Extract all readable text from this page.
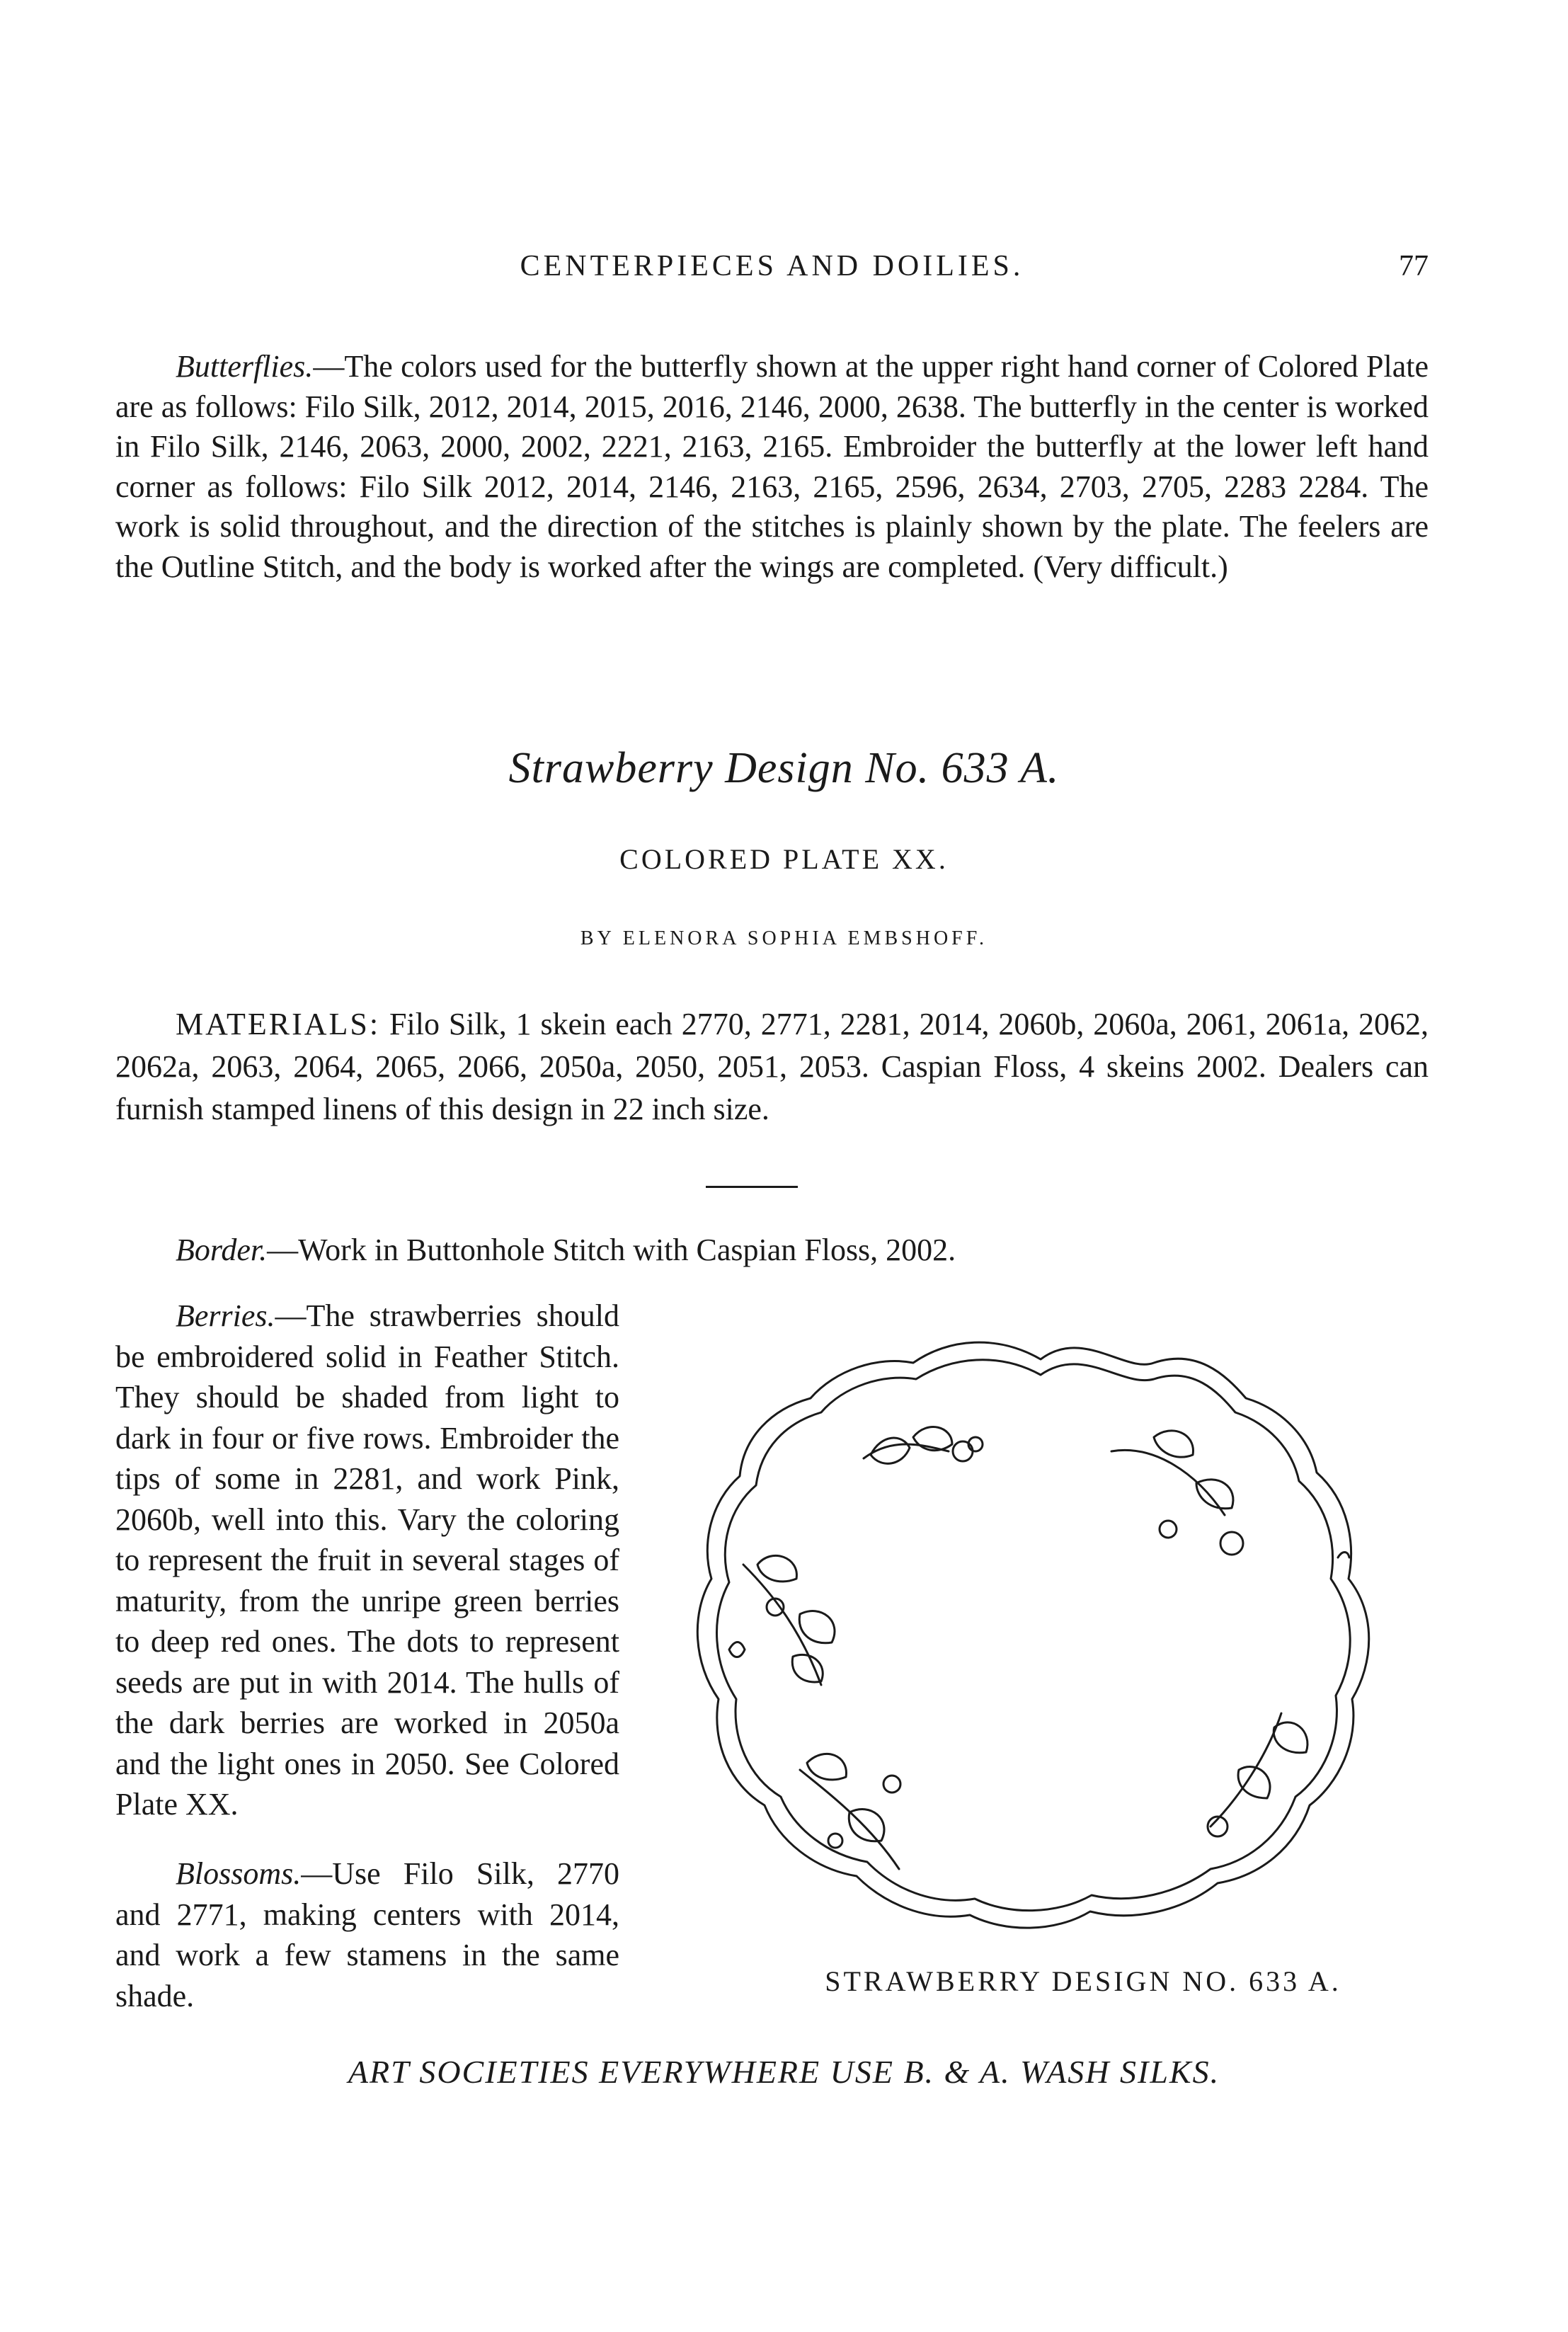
CENTERPIECES AND DOILIES.	77

Butterflies.—The colors used for the butterfly shown at the upper right hand corner of Colored Plate are as follows: Filo Silk, 2012, 2014, 2015, 2016, 2146, 2000, 2638. The butterfly in the center is worked in Filo Silk, 2146, 2063, 2000, 2002, 2221, 2163, 2165. Embroider the butterfly at the lower left hand corner as follows: Filo Silk 2012, 2014, 2146, 2163, 2165, 2596, 2634, 2703, 2705, 2283 2284. The work is solid throughout, and the direction of the stitches is plainly shown by the plate. The feelers are the Outline Stitch, and the body is worked after the wings are completed. (Very difficult.)

Strawberry Design No. 633 A.
COLORED PLATE XX.
BY ELENORA SOPHIA EMBSHOFF.

MATERIALS: Filo Silk, 1 skein each 2770, 2771, 2281, 2014, 2060b, 2060a, 2061, 2061a, 2062, 2062a, 2063, 2064, 2065, 2066, 2050a, 2050, 2051, 2053. Caspian Floss, 4 skeins 2002. Dealers can furnish stamped linens of this design in 22 inch size.

Border.—Work in Buttonhole Stitch with Caspian Floss, 2002.

Berries.—The strawberries should be embroidered solid in Feather Stitch. They should be shaded from light to dark in four or five rows. Embroider the tips of some in 2281, and work Pink, 2060b, well into this. Vary the coloring to represent the fruit in several stages of maturity, from the unripe green berries to deep red ones. The dots to represent seeds are put in with 2014. The hulls of the dark berries are worked in 2050a and the light ones in 2050. See Colored Plate XX.

Blossoms.—Use Filo Silk, 2770 and 2771, making centers with 2014, and work a few stamens in the same shade.	STRAWBERRY DESIGN NO. 633 A.
ART SOCIETIES EVERYWHERE USE B. & A. WASH SILKS.
